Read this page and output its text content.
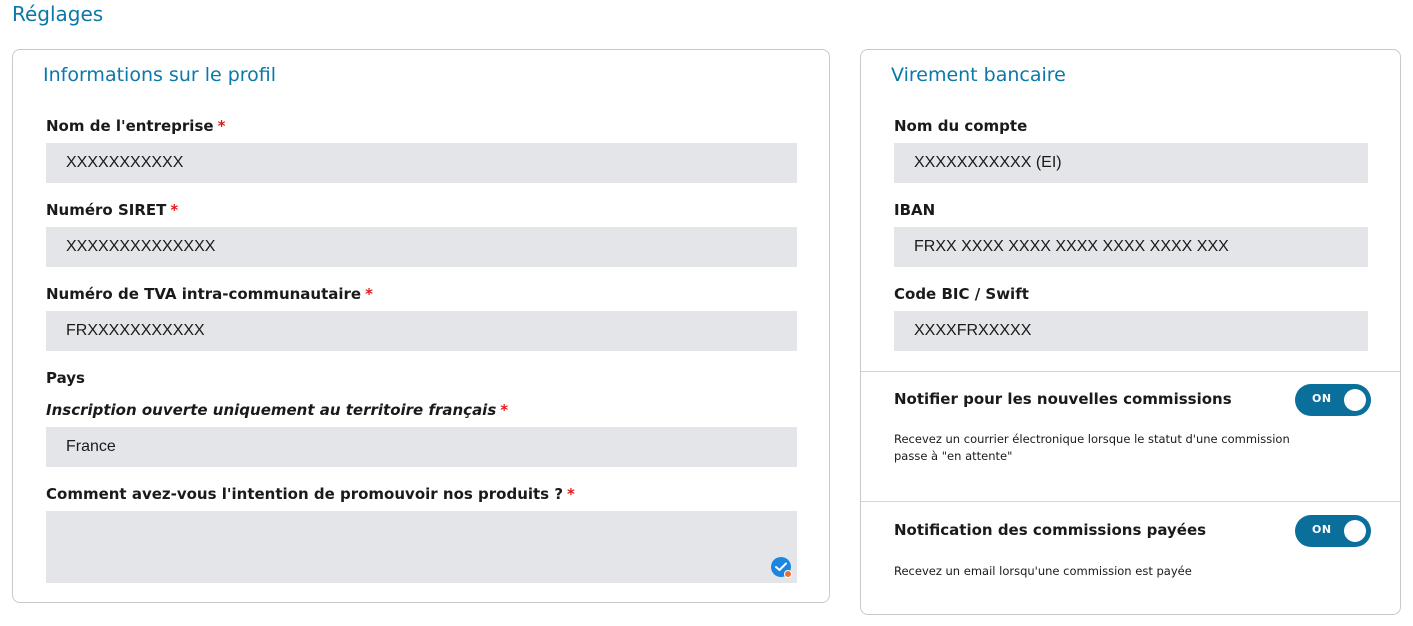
Réglages
Informations sur le profil
Nom de l'entreprise *
XXXXXXXXXXX
Numéro SIRET *
XXXXXXXXXXXXXX
Numéro de TVA intra-communautaire *
FRXXXXXXXXXXX
Pays
Inscription ouverte uniquement au territoire français *
France
Comment avez-vous l'intention de promouvoir nos produits ? *
Virement bancaire
Nom du compte
XXXXXXXXXXX (EI)
IBAN
FRXX XXXX XXXX XXXX XXXX XXXX XXX
Code BIC / Swift
XXXXFRXXXXX
Notifier pour les nouvelles commissions	ON
Recevez un courrier électronique lorsque le statut d'une commission passe à "en attente"
Notification des commissions payées	ON
Recevez un email lorsqu'une commission est payée
